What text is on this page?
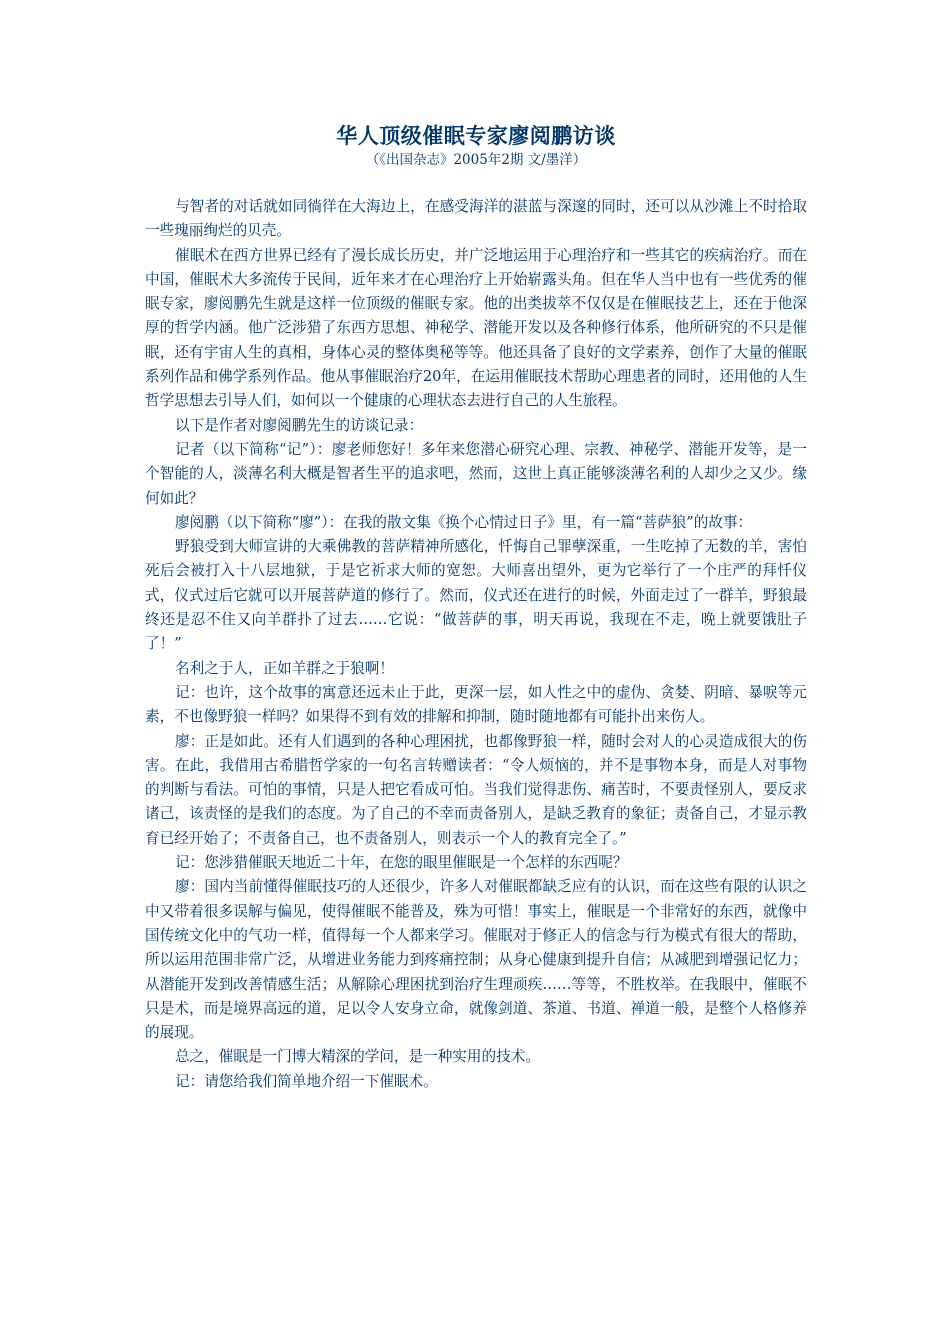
华人顶级催眠专家廖阅鹏访谈
（《出国杂志》2005年2期 文/墨洋）

与智者的对话就如同徜徉在大海边上，在感受海洋的湛蓝与深邃的同时，还可以从沙滩上不时拾取一些瑰丽绚烂的贝壳。

催眠术在西方世界已经有了漫长成长历史，并广泛地运用于心理治疗和一些其它的疾病治疗。而在中国，催眠术大多流传于民间，近年来才在心理治疗上开始崭露头角。但在华人当中也有一些优秀的催眠专家，廖阅鹏先生就是这样一位顶级的催眠专家。他的出类拔萃不仅仅是在催眠技艺上，还在于他深厚的哲学内涵。他广泛涉猎了东西方思想、神秘学、潜能开发以及各种修行体系，他所研究的不只是催眠，还有宇宙人生的真相，身体心灵的整体奥秘等等。他还具备了良好的文学素养，创作了大量的催眠系列作品和佛学系列作品。他从事催眠治疗20年，在运用催眠技术帮助心理患者的同时，还用他的人生哲学思想去引导人们，如何以一个健康的心理状态去进行自己的人生旅程。

以下是作者对廖阅鹏先生的访谈记录：

记者（以下简称“记”）：廖老师您好！多年来您潜心研究心理、宗教、神秘学、潜能开发等，是一个智能的人，淡薄名利大概是智者生平的追求吧，然而，这世上真正能够淡薄名利的人却少之又少。缘何如此？

廖阅鹏（以下简称“廖”）：在我的散文集《换个心情过日子》里，有一篇“菩萨狼”的故事：

野狼受到大师宣讲的大乘佛教的菩萨精神所感化，忏悔自己罪孽深重，一生吃掉了无数的羊，害怕死后会被打入十八层地狱，于是它祈求大师的宽恕。大师喜出望外，更为它举行了一个庄严的拜忏仪式，仪式过后它就可以开展菩萨道的修行了。然而，仪式还在进行的时候，外面走过了一群羊，野狼最终还是忍不住又向羊群扑了过去……它说：“做菩萨的事，明天再说，我现在不走，晚上就要饿肚子了！”

名利之于人，正如羊群之于狼啊！

记：也许，这个故事的寓意还远未止于此，更深一层，如人性之中的虚伪、贪婪、阴暗、暴唳等元素，不也像野狼一样吗？如果得不到有效的排解和抑制，随时随地都有可能扑出来伤人。

廖：正是如此。还有人们遇到的各种心理困扰，也都像野狼一样，随时会对人的心灵造成很大的伤害。在此，我借用古希腊哲学家的一句名言转赠读者：“令人烦恼的，并不是事物本身，而是人对事物的判断与看法。可怕的事情，只是人把它看成可怕。当我们觉得悲伤、痛苦时，不要责怪别人，要反求诸己，该责怪的是我们的态度。为了自己的不幸而责备别人，是缺乏教育的象征；责备自己，才显示教育已经开始了；不责备自己，也不责备别人，则表示一个人的教育完全了。”

记：您涉猎催眠天地近二十年，在您的眼里催眠是一个怎样的东西呢？

廖：国内当前懂得催眠技巧的人还很少，许多人对催眠都缺乏应有的认识，而在这些有限的认识之中又带着很多误解与偏见，使得催眠不能普及，殊为可惜！事实上，催眠是一个非常好的东西，就像中国传统文化中的气功一样，值得每一个人都来学习。催眠对于修正人的信念与行为模式有很大的帮助，所以运用范围非常广泛，从增进业务能力到疼痛控制；从身心健康到提升自信；从减肥到增强记忆力；从潜能开发到改善情感生活；从解除心理困扰到治疗生理顽疾……等等，不胜枚举。在我眼中，催眠不只是术，而是境界高远的道，足以令人安身立命，就像剑道、茶道、书道、禅道一般，是整个人格修养的展现。

总之，催眠是一门博大精深的学问，是一种实用的技术。

记：请您给我们简单地介绍一下催眠术。
